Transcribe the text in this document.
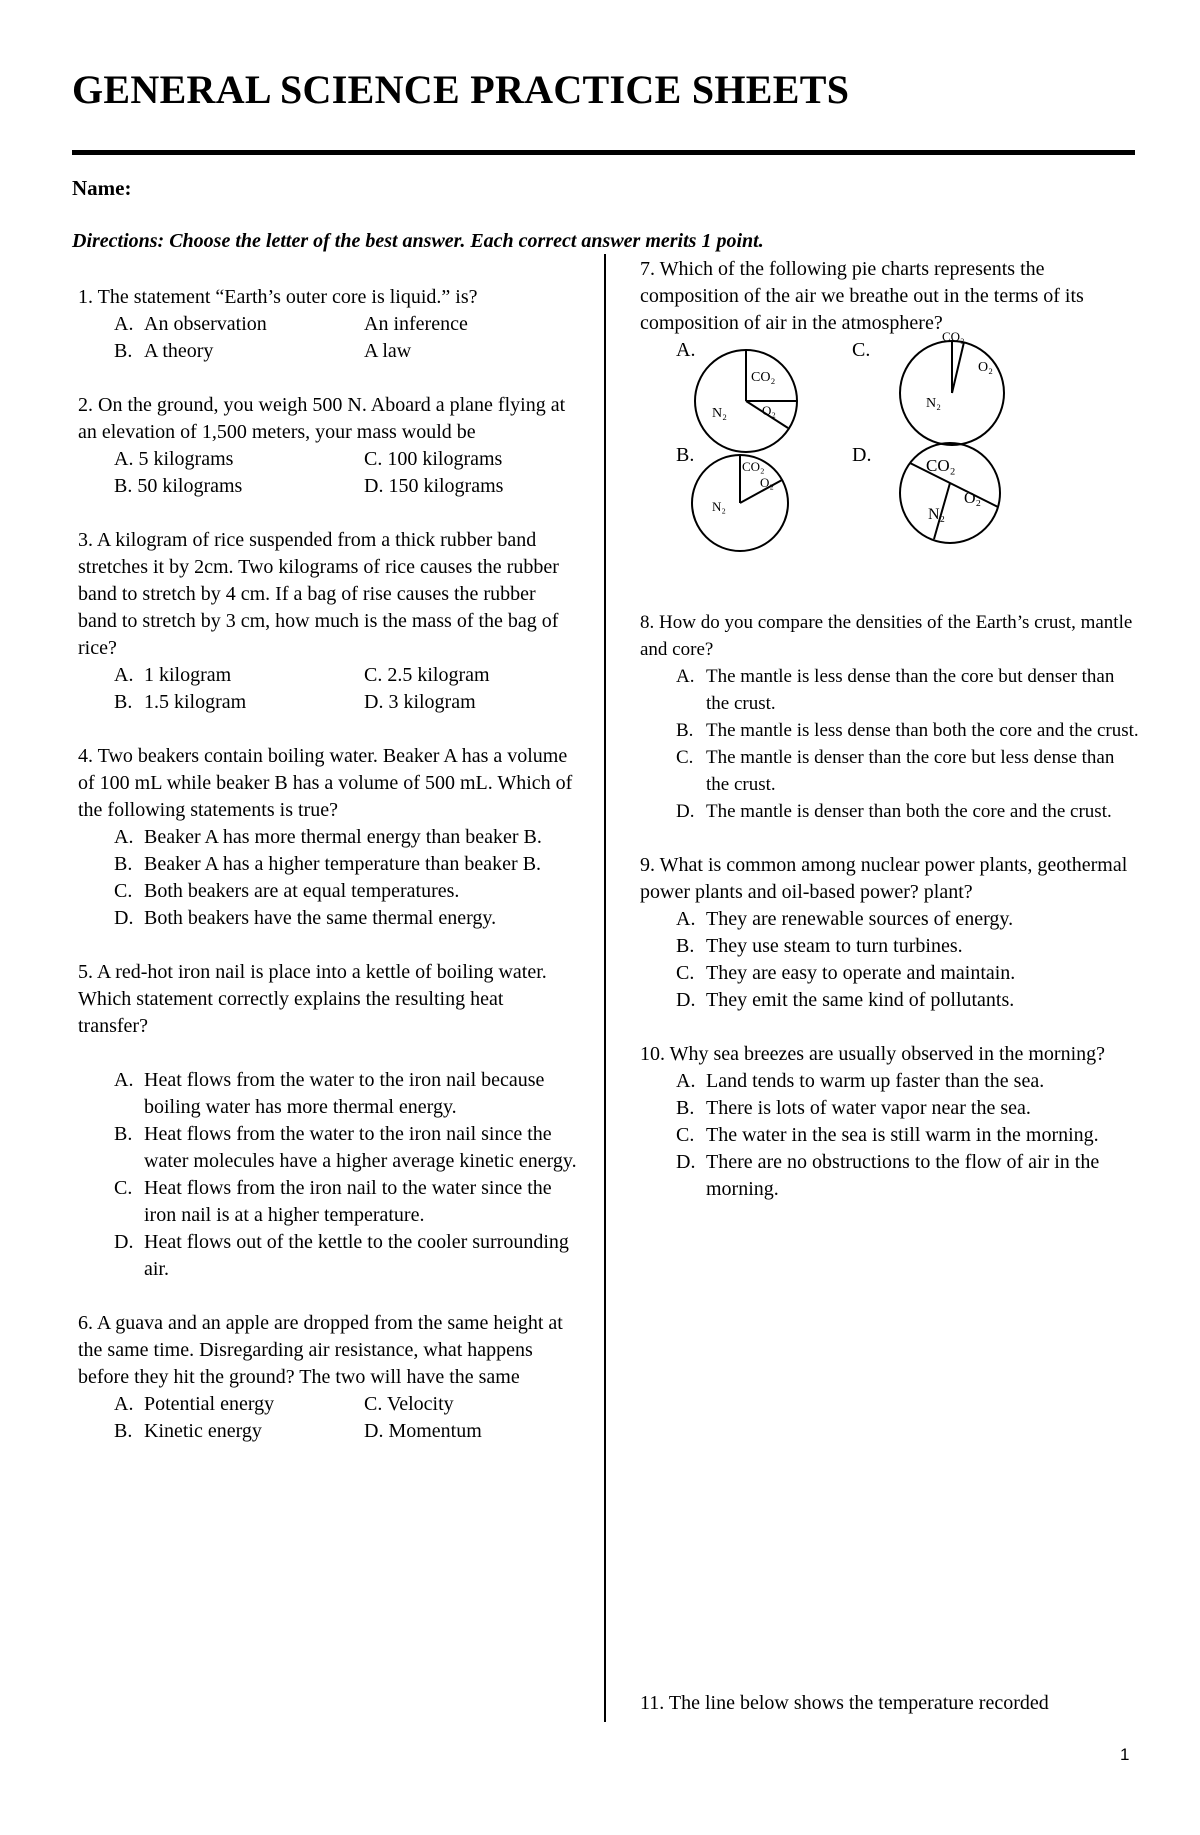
GENERAL SCIENCE PRACTICE SHEETS
Name:
Directions: Choose the letter of the best answer. Each correct answer merits 1 point.

1. The statement “Earth’s outer core is liquid.” is?

A. An observation	An inference
B. A theory	A law

2. On the ground, you weigh 500 N. Aboard a plane flying at an elevation of 1,500 meters, your mass would be

A. 5 kilograms	C. 100 kilograms
B. 50 kilograms	D. 150 kilograms

3. A kilogram of rice suspended from a thick rubber band stretches it by 2cm. Two kilograms of rice causes the rubber band to stretch by 4 cm. If a bag of rise causes the rubber band to stretch by 3 cm, how much is the mass of the bag of rice?

A. 1 kilogram	C. 2.5 kilogram
B. 1.5 kilogram	D. 3 kilogram

4. Two beakers contain boiling water. Beaker A has a volume of 100 mL while beaker B has a volume of 500 mL. Which of the following statements is true?

A. Beaker A has more thermal energy than beaker B.
B. Beaker A has a higher temperature than beaker B.
C. Both beakers are at equal temperatures.
D. Both beakers have the same thermal energy.

5. A red-hot iron nail is place into a kettle of boiling water. Which statement correctly explains the resulting heat transfer?

A. Heat flows from the water to the iron nail because boiling water has more thermal energy.
B. Heat flows from the water to the iron nail since the water molecules have a higher average kinetic energy.
C. Heat flows from the iron nail to the water since the iron nail is at a higher temperature.
D. Heat flows out of the kettle to the cooler surrounding air.

6. A guava and an apple are dropped from the same height at the same time. Disregarding air resistance, what happens before they hit the ground? The two will have the same

A. Potential energy	C. Velocity
B. Kinetic energy	D. Momentum

7. Which of the following pie charts represents the composition of the air we breathe out in the terms of its composition of air in the atmosphere?

A.	C.
B.	D.
CO₂
O₂
N₂
CO₂
O₂
N₂
CO₂
O₂
N₂
CO₂
O₂
N₂

8. How do you compare the densities of the Earth’s crust, mantle and core?

A. The mantle is less dense than the core but denser than the crust.
B. The mantle is less dense than both the core and the crust.
C. The mantle is denser than the core but less dense than the crust.
D. The mantle is denser than both the core and the crust.

9. What is common among nuclear power plants, geothermal power plants and oil-based power? plant?

A. They are renewable sources of energy.
B. They use steam to turn turbines.
C. They are easy to operate and maintain.
D. They emit the same kind of pollutants.

10. Why sea breezes are usually observed in the morning?

A. Land tends to warm up faster than the sea.
B. There is lots of water vapor near the sea.
C. The water in the sea is still warm in the morning.
D. There are no obstructions to the flow of air in the morning.
11. The line below shows the temperature recorded
1
